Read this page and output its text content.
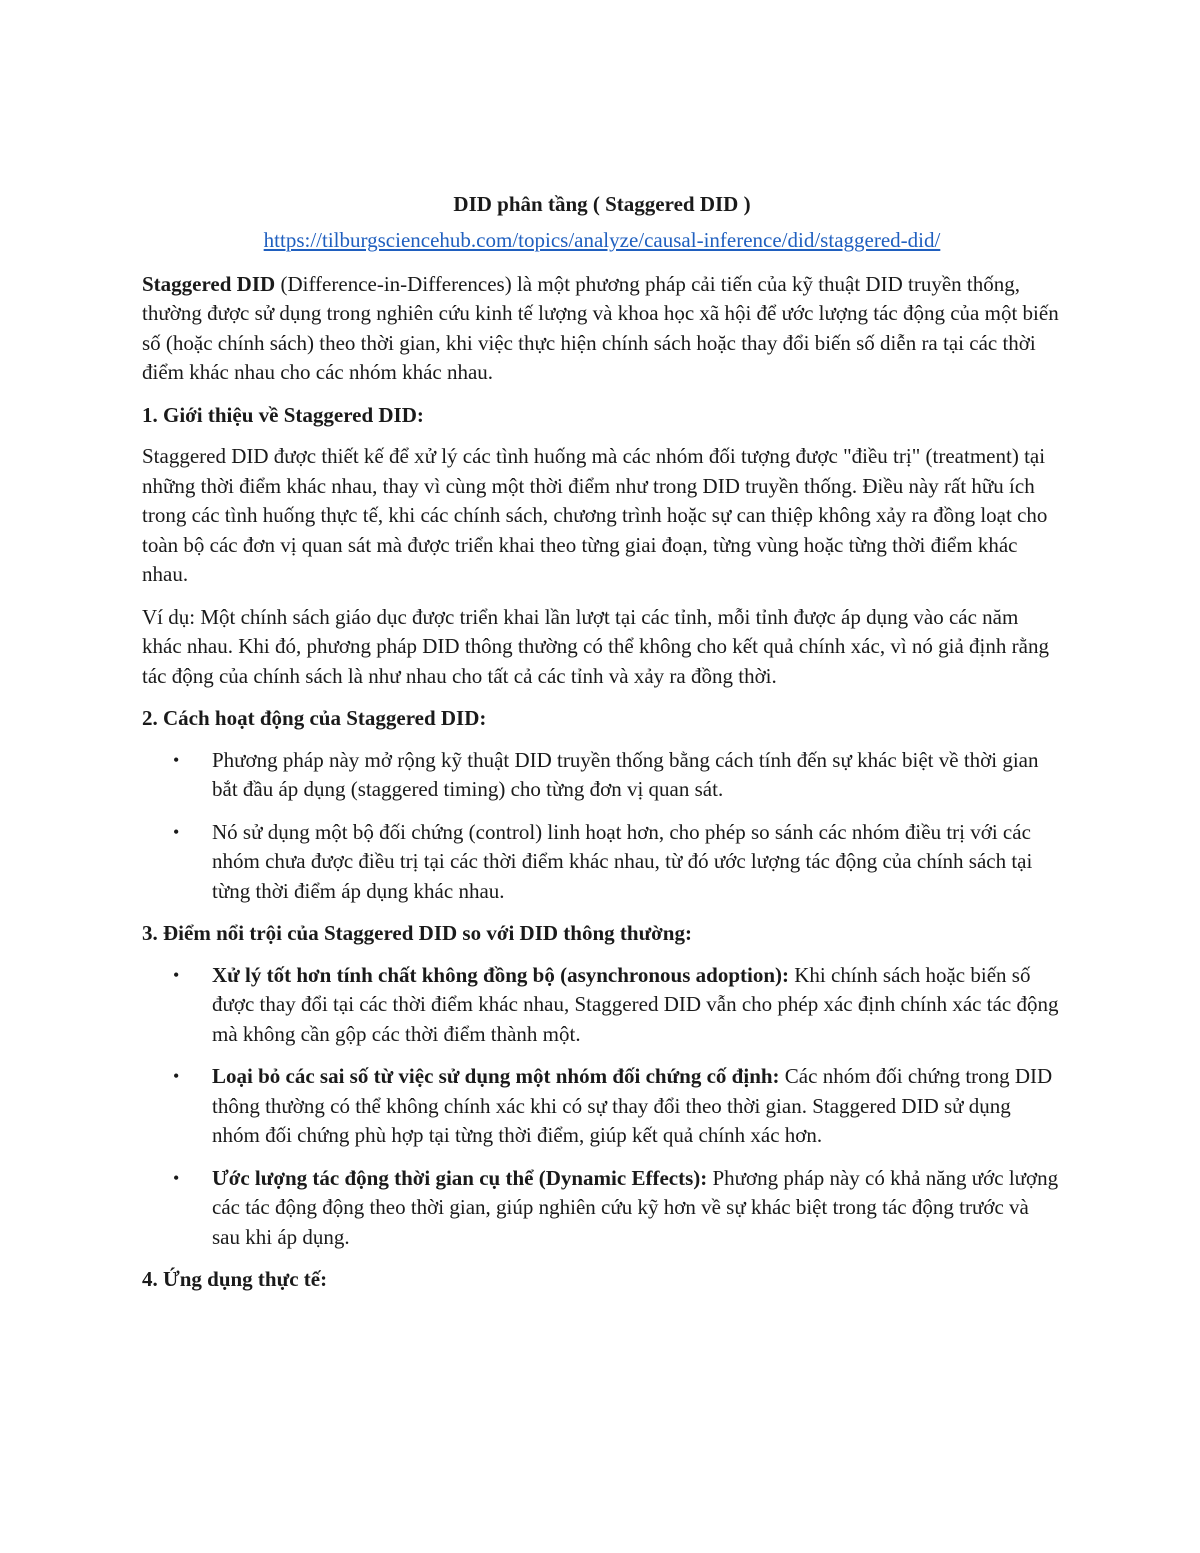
DID phân tầng ( Staggered DID )
https://tilburgsciencehub.com/topics/analyze/causal-inference/did/staggered-did/

Staggered DID (Difference-in-Differences) là một phương pháp cải tiến của kỹ thuật DID truyền thống, thường được sử dụng trong nghiên cứu kinh tế lượng và khoa học xã hội để ước lượng tác động của một biến số (hoặc chính sách) theo thời gian, khi việc thực hiện chính sách hoặc thay đổi biến số diễn ra tại các thời điểm khác nhau cho các nhóm khác nhau.

1. Giới thiệu về Staggered DID:

Staggered DID được thiết kế để xử lý các tình huống mà các nhóm đối tượng được "điều trị" (treatment) tại những thời điểm khác nhau, thay vì cùng một thời điểm như trong DID truyền thống. Điều này rất hữu ích trong các tình huống thực tế, khi các chính sách, chương trình hoặc sự can thiệp không xảy ra đồng loạt cho toàn bộ các đơn vị quan sát mà được triển khai theo từng giai đoạn, từng vùng hoặc từng thời điểm khác nhau.

Ví dụ: Một chính sách giáo dục được triển khai lần lượt tại các tỉnh, mỗi tỉnh được áp dụng vào các năm khác nhau. Khi đó, phương pháp DID thông thường có thể không cho kết quả chính xác, vì nó giả định rằng tác động của chính sách là như nhau cho tất cả các tỉnh và xảy ra đồng thời.

2. Cách hoạt động của Staggered DID:

• Phương pháp này mở rộng kỹ thuật DID truyền thống bằng cách tính đến sự khác biệt về thời gian bắt đầu áp dụng (staggered timing) cho từng đơn vị quan sát.
• Nó sử dụng một bộ đối chứng (control) linh hoạt hơn, cho phép so sánh các nhóm điều trị với các nhóm chưa được điều trị tại các thời điểm khác nhau, từ đó ước lượng tác động của chính sách tại từng thời điểm áp dụng khác nhau.

3. Điểm nổi trội của Staggered DID so với DID thông thường:

• Xử lý tốt hơn tính chất không đồng bộ (asynchronous adoption): Khi chính sách hoặc biến số được thay đổi tại các thời điểm khác nhau, Staggered DID vẫn cho phép xác định chính xác tác động mà không cần gộp các thời điểm thành một.
• Loại bỏ các sai số từ việc sử dụng một nhóm đối chứng cố định: Các nhóm đối chứng trong DID thông thường có thể không chính xác khi có sự thay đổi theo thời gian. Staggered DID sử dụng nhóm đối chứng phù hợp tại từng thời điểm, giúp kết quả chính xác hơn.
• Ước lượng tác động thời gian cụ thể (Dynamic Effects): Phương pháp này có khả năng ước lượng các tác động động theo thời gian, giúp nghiên cứu kỹ hơn về sự khác biệt trong tác động trước và sau khi áp dụng.

4. Ứng dụng thực tế:
